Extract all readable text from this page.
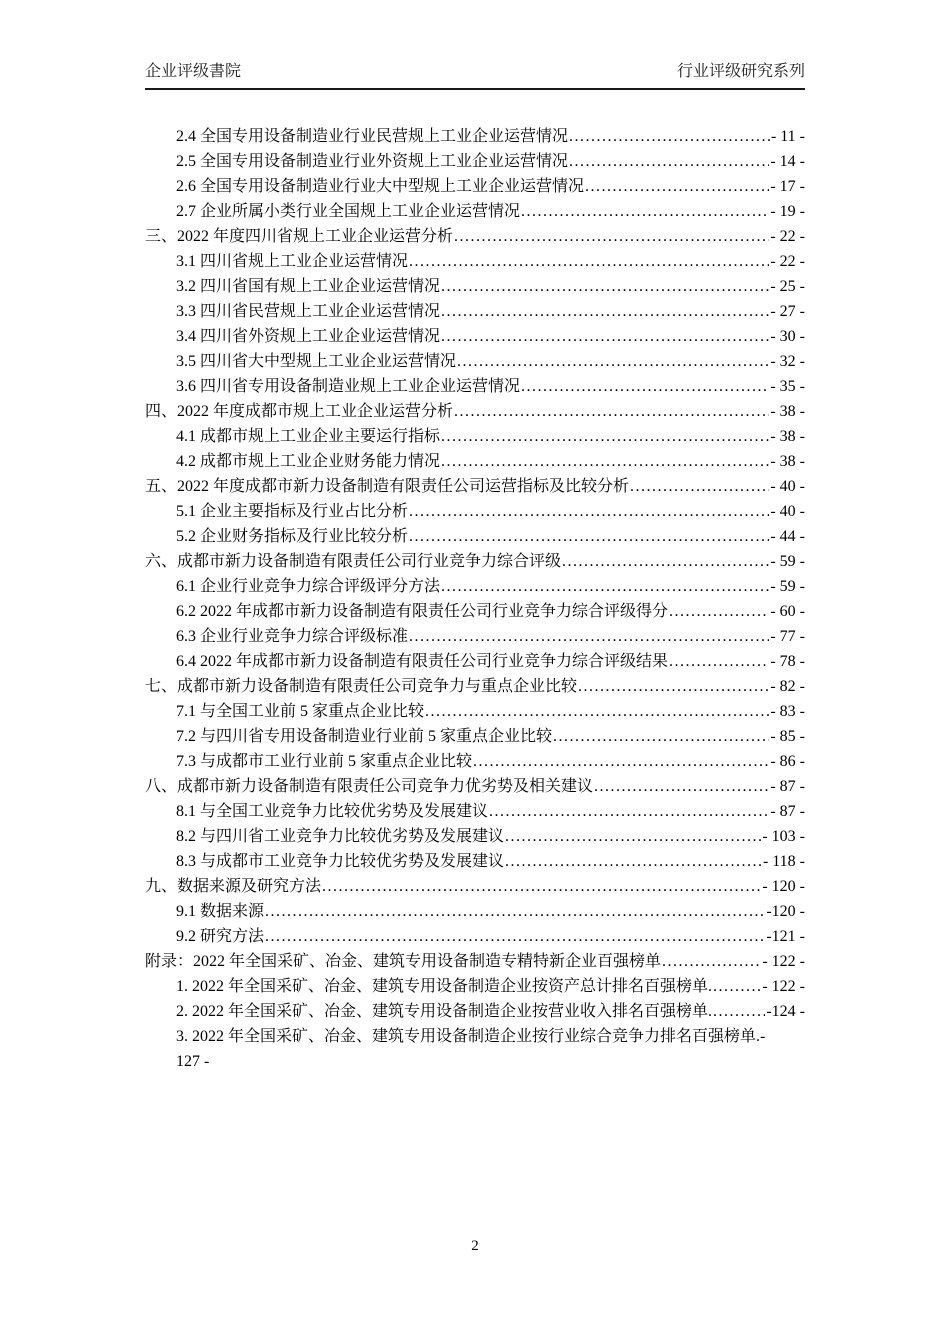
企业评级書院	行业评级研究系列
2.4 全国专用设备制造业行业民营规上工业企业运营情况 .....	- 11 -
2.5 全国专用设备制造业行业外资规上工业企业运营情况 .....	- 14 -
2.6 全国专用设备制造业行业大中型规上工业企业运营情况 .....	- 17 -
2.7 企业所属小类行业全国规上工业企业运营情况 .....	- 19 -
三、2022 年度四川省规上工业企业运营分析 .....	- 22 -
3.1 四川省规上工业企业运营情况 .....	- 22 -
3.2 四川省国有规上工业企业运营情况 .....	- 25 -
3.3 四川省民营规上工业企业运营情况 .....	- 27 -
3.4 四川省外资规上工业企业运营情况 .....	- 30 -
3.5 四川省大中型规上工业企业运营情况 .....	- 32 -
3.6 四川省专用设备制造业规上工业企业运营情况 .....	- 35 -
四、2022 年度成都市规上工业企业运营分析 .....	- 38 -
4.1 成都市规上工业企业主要运行指标 .....	- 38 -
4.2 成都市规上工业企业财务能力情况 .....	- 38 -
五、2022 年度成都市新力设备制造有限责任公司运营指标及比较分析 .....	- 40 -
5.1 企业主要指标及行业占比分析 .....	- 40 -
5.2 企业财务指标及行业比较分析 .....	- 44 -
六、成都市新力设备制造有限责任公司行业竞争力综合评级 .....	- 59 -
6.1 企业行业竞争力综合评级评分方法 .....	- 59 -
6.2 2022 年成都市新力设备制造有限责任公司行业竞争力综合评级得分 .....	- 60 -
6.3 企业行业竞争力综合评级标准 .....	- 77 -
6.4 2022 年成都市新力设备制造有限责任公司行业竞争力综合评级结果 .....	- 78 -
七、成都市新力设备制造有限责任公司竞争力与重点企业比较 .....	- 82 -
7.1 与全国工业前 5 家重点企业比较 .....	- 83 -
7.2 与四川省专用设备制造业行业前 5 家重点企业比较 .....	- 85 -
7.3 与成都市工业行业前 5 家重点企业比较 .....	- 86 -
八、成都市新力设备制造有限责任公司竞争力优劣势及相关建议 .....	- 87 -
8.1 与全国工业竞争力比较优劣势及发展建议 .....	- 87 -
8.2 与四川省工业竞争力比较优劣势及发展建议 .....	- 103 -
8.3 与成都市工业竞争力比较优劣势及发展建议 .....	- 118 -
九、数据来源及研究方法 .....	- 120 -
9.1 数据来源 .....	-120 -
9.2 研究方法 .....	-121 -
附录：2022 年全国采矿、冶金、建筑专用设备制造专精特新企业百强榜单 .....	- 122 -
1. 2022 年全国采矿、冶金、建筑专用设备制造企业按资产总计排名百强榜单. .....	- 122 -
2. 2022 年全国采矿、冶金、建筑专用设备制造企业按营业收入排名百强榜单. .....	-124 -
3. 2022 年全国采矿、冶金、建筑专用设备制造企业按行业综合竞争力排名百强榜单.-
127 -
2
